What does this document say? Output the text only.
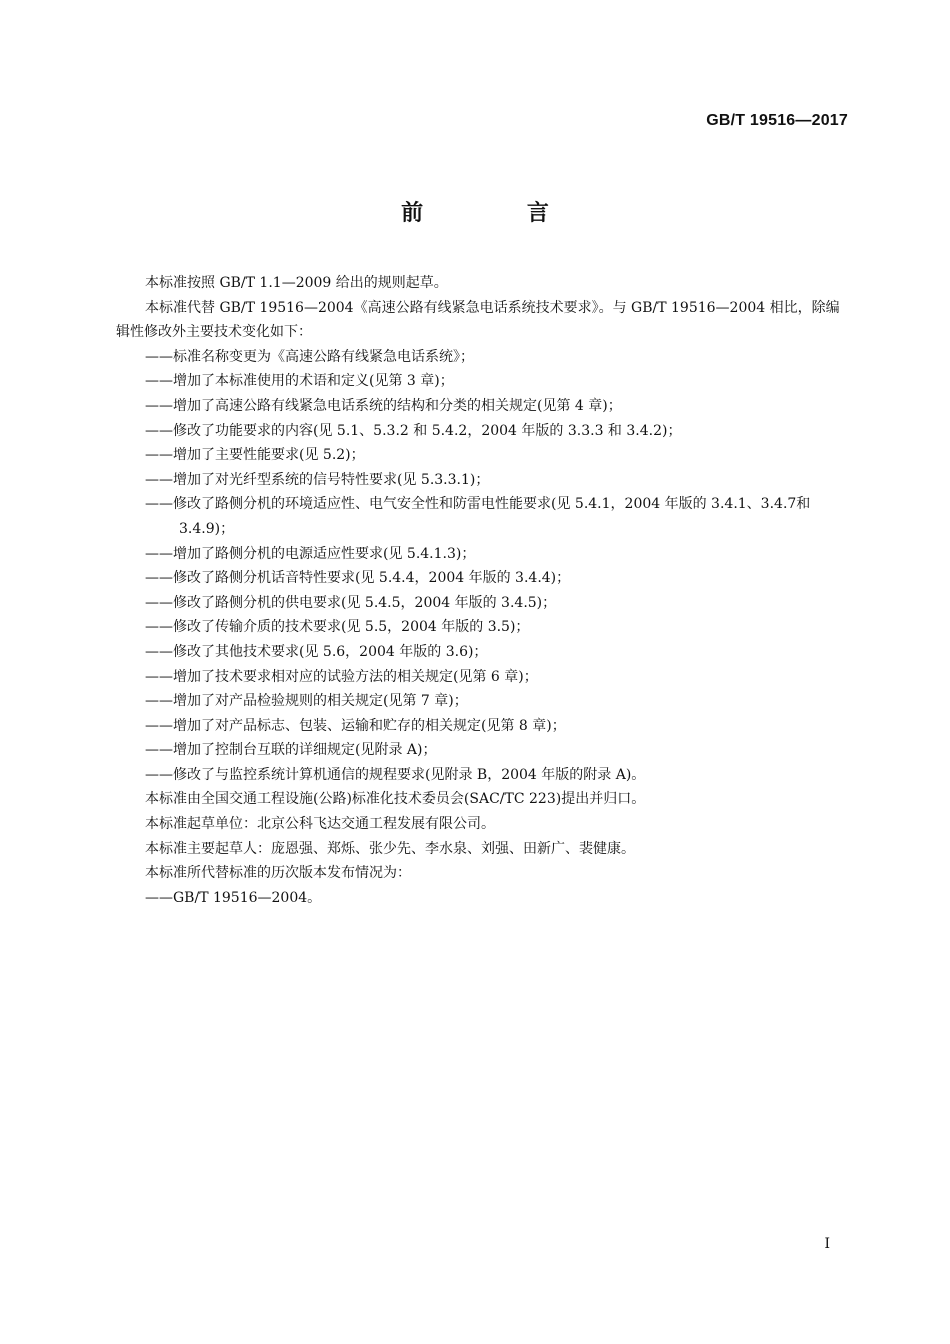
GB/T 19516—2017
前 言

本标准按照 GB/T 1.1—2009 给出的规则起草。

本标准代替 GB/T 19516—2004《高速公路有线紧急电话系统技术要求》。与 GB/T 19516—2004 相比，除编辑性修改外主要技术变化如下：

——标准名称变更为《高速公路有线紧急电话系统》；

——增加了本标准使用的术语和定义(见第 3 章)；

——增加了高速公路有线紧急电话系统的结构和分类的相关规定(见第 4 章)；

——修改了功能要求的内容(见 5.1、5.3.2 和 5.4.2，2004 年版的 3.3.3 和 3.4.2)；

——增加了主要性能要求(见 5.2)；

——增加了对光纤型系统的信号特性要求(见 5.3.3.1)；

——修改了路侧分机的环境适应性、电气安全性和防雷电性能要求(见 5.4.1，2004 年版的 3.4.1、3.4.7和 3.4.9)；

——增加了路侧分机的电源适应性要求(见 5.4.1.3)；

——修改了路侧分机话音特性要求(见 5.4.4，2004 年版的 3.4.4)；

——修改了路侧分机的供电要求(见 5.4.5，2004 年版的 3.4.5)；

——修改了传输介质的技术要求(见 5.5，2004 年版的 3.5)；

——修改了其他技术要求(见 5.6，2004 年版的 3.6)；

——增加了技术要求相对应的试验方法的相关规定(见第 6 章)；

——增加了对产品检验规则的相关规定(见第 7 章)；

——增加了对产品标志、包装、运输和贮存的相关规定(见第 8 章)；

——增加了控制台互联的详细规定(见附录 A)；

——修改了与监控系统计算机通信的规程要求(见附录 B，2004 年版的附录 A)。

本标准由全国交通工程设施(公路)标准化技术委员会(SAC/TC 223)提出并归口。

本标准起草单位：北京公科飞达交通工程发展有限公司。

本标准主要起草人：庞恩强、郑烁、张少先、李水泉、刘强、田新广、裴健康。

本标准所代替标准的历次版本发布情况为：

——GB/T 19516—2004。

I
